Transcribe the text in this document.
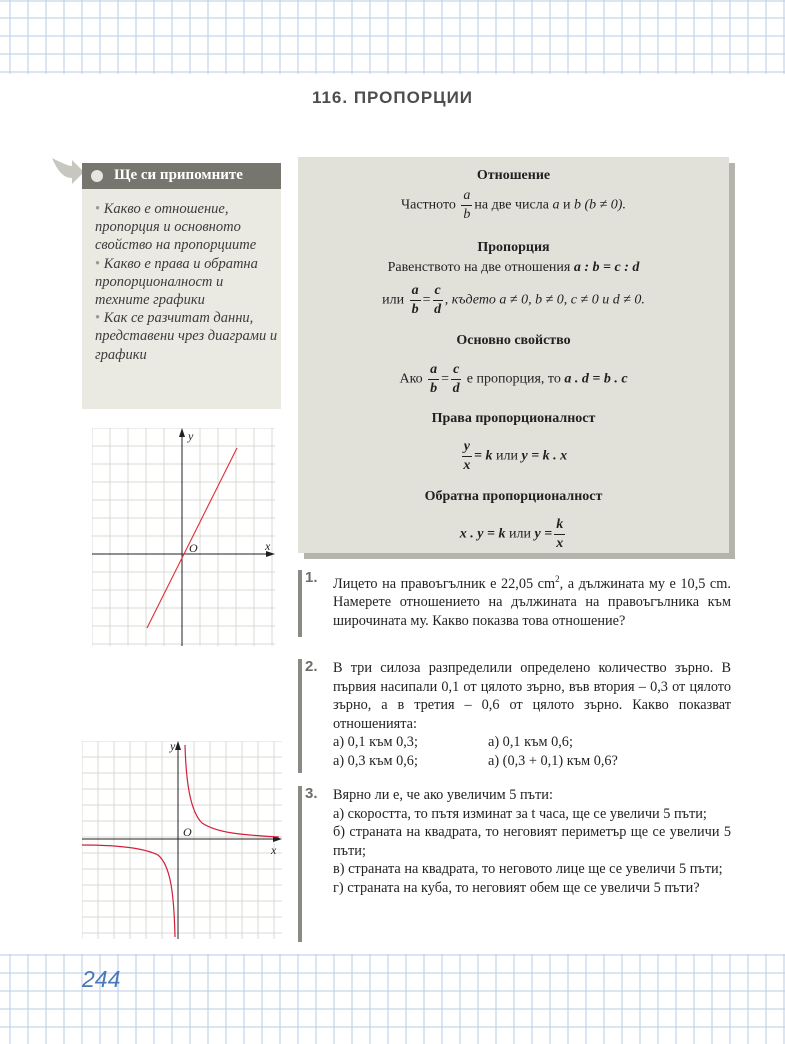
116. ПРОПОРЦИИ
Ще си припомните

• Какво е отношение, пропорция и основното свойство на пропорциите

• Какво е права и обратна пропорционалност и техните графики

• Как се разчитат данни, представени чрез диаграми и графики

y
x
O
y
x
O
Отношение
Частното $\frac{a}{b}$ на две числа a и b (b ≠ 0).
Пропорция
Равенството на две отношения a : b = c : d
или $\frac{a}{b} = \frac{c}{d}$ , където a ≠ 0, b ≠ 0, c ≠ 0 и d ≠ 0.
Основно свойство
Ако $\frac{a}{b} = \frac{c}{d}$ е пропорция, то a . d = b . c
Права пропорционалност
$\frac{y}{x} = k$ или y = k . x
Обратна пропорционалност
x . y = k или $y = \frac{k}{x}$
1. Лицето на правоъгълник е 22,05 $cm^2$, а дължината му е 10,5 cm. Намерете отношението на дължината на правоъгълника към широчината му. Какво показва това отношение?

2. В три силоза разпределили определено количество зърно. В първия насипали 0,1 от цялото зърно, във втория – 0,3 от цялото зърно, а в третия – 0,6 от цялото зърно. Какво показват отношенията:

а) 0,1 към 0,3;	а) 0,1 към 0,6;
а) 0,3 към 0,6;	а) (0,3 + 0,1) към 0,6?
3. Вярно ли е, че ако увеличим 5 пъти:

а) скоростта, то пътя изминат за t часа, ще се увеличи 5 пъти;

б) страната на квадрата, то неговият периметър ще се увеличи 5 пъти;

в) страната на квадрата, то неговото лице ще се увеличи 5 пъти;

г) страната на куба, то неговият обем ще се увеличи 5 пъти?

244
